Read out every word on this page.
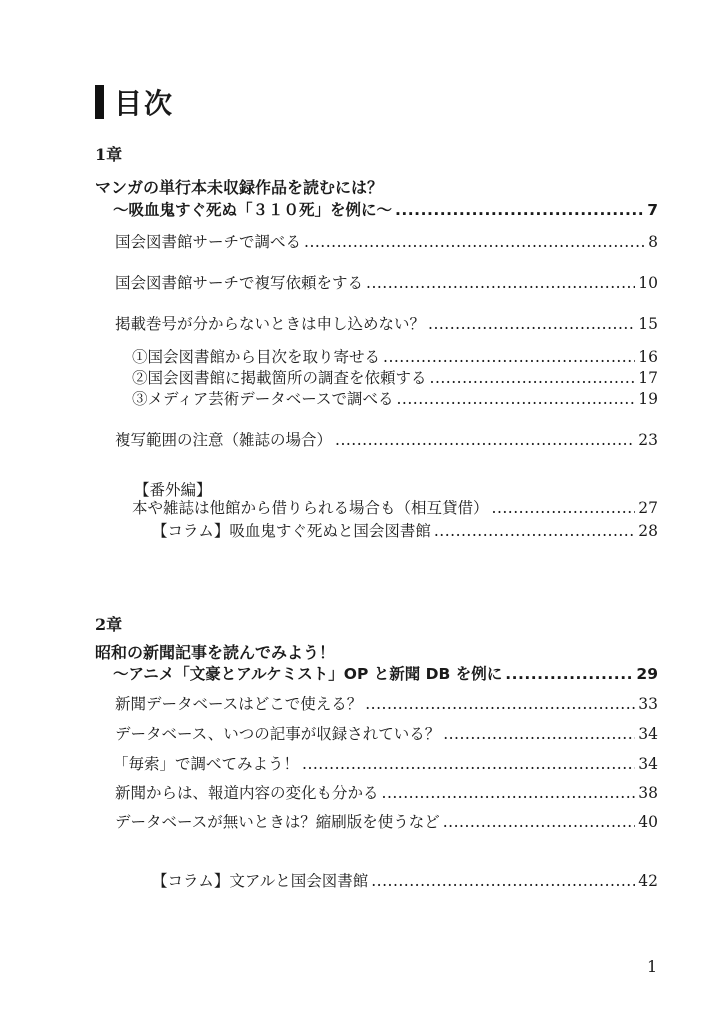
目次
1章
マンガの単行本未収録作品を読むには？
～吸血鬼すぐ死ぬ「３１０死」を例に～ .....	7
国会図書館サーチで調べる .....	8
国会図書館サーチで複写依頼をする .....	10
掲載巻号が分からないときは申し込めない？ .....	15
①国会図書館から目次を取り寄せる .....	16
②国会図書館に掲載箇所の調査を依頼する .....	17
③メディア芸術データベースで調べる .....	19
複写範囲の注意（雑誌の場合） .....	23
【番外編】
本や雑誌は他館から借りられる場合も（相互貸借） .....	27
【コラム】吸血鬼すぐ死ぬと国会図書館 .....	28
2章
昭和の新聞記事を読んでみよう！
～アニメ「文豪とアルケミスト」OP と新聞 DB を例に .....	29
新聞データベースはどこで使える？ .....	33
データベース、いつの記事が収録されている？ .....	34
「毎索」で調べてみよう！ .....	34
新聞からは、報道内容の変化も分かる .....	38
データベースが無いときは？縮刷版を使うなど .....	40
【コラム】文アルと国会図書館 .....	42
1
